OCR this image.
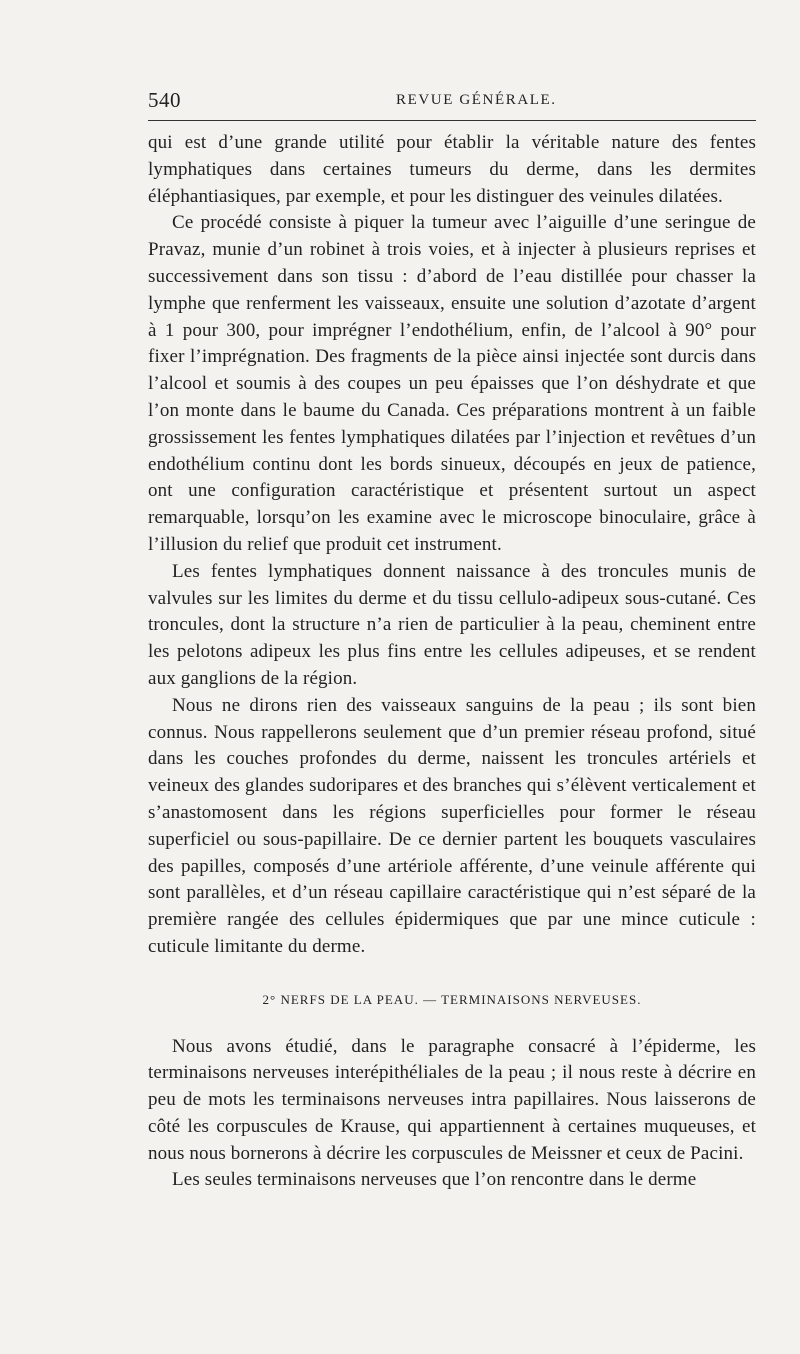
540	REVUE GÉNÉRALE.

qui est d’une grande utilité pour établir la véritable nature des fentes lymphatiques dans certaines tumeurs du derme, dans les dermites éléphantiasiques, par exemple, et pour les distinguer des veinules dilatées.

Ce procédé consiste à piquer la tumeur avec l’aiguille d’une seringue de Pravaz, munie d’un robinet à trois voies, et à injecter à plusieurs reprises et successivement dans son tissu : d’abord de l’eau distillée pour chasser la lymphe que renferment les vaisseaux, ensuite une solution d’azotate d’argent à 1 pour 300, pour imprégner l’endothélium, enfin, de l’alcool à 90° pour fixer l’imprégnation. Des fragments de la pièce ainsi injectée sont durcis dans l’alcool et soumis à des coupes un peu épaisses que l’on déshydrate et que l’on monte dans le baume du Canada. Ces préparations montrent à un faible grossissement les fentes lymphatiques dilatées par l’injection et revêtues d’un endothélium continu dont les bords sinueux, découpés en jeux de patience, ont une configuration caractéristique et présentent surtout un aspect remarquable, lorsqu’on les examine avec le microscope binoculaire, grâce à l’illusion du relief que produit cet instrument.

Les fentes lymphatiques donnent naissance à des troncules munis de valvules sur les limites du derme et du tissu cellulo-adipeux sous-cutané. Ces troncules, dont la structure n’a rien de particulier à la peau, cheminent entre les pelotons adipeux les plus fins entre les cellules adipeuses, et se rendent aux ganglions de la région.

Nous ne dirons rien des vaisseaux sanguins de la peau ; ils sont bien connus. Nous rappellerons seulement que d’un premier réseau profond, situé dans les couches profondes du derme, naissent les troncules artériels et veineux des glandes sudoripares et des branches qui s’élèvent verticalement et s’anastomosent dans les régions superficielles pour former le réseau superficiel ou sous-papillaire. De ce dernier partent les bouquets vasculaires des papilles, composés d’une artériole afférente, d’une veinule afférente qui sont parallèles, et d’un réseau capillaire caractéristique qui n’est séparé de la première rangée des cellules épidermiques que par une mince cuticule : cuticule limitante du derme.

2° NERFS DE LA PEAU. — TERMINAISONS NERVEUSES.

Nous avons étudié, dans le paragraphe consacré à l’épiderme, les terminaisons nerveuses interépithéliales de la peau ; il nous reste à décrire en peu de mots les terminaisons nerveuses intra papillaires. Nous laisserons de côté les corpuscules de Krause, qui appartiennent à certaines muqueuses, et nous nous bornerons à décrire les corpuscules de Meissner et ceux de Pacini.

Les seules terminaisons nerveuses que l’on rencontre dans le derme
